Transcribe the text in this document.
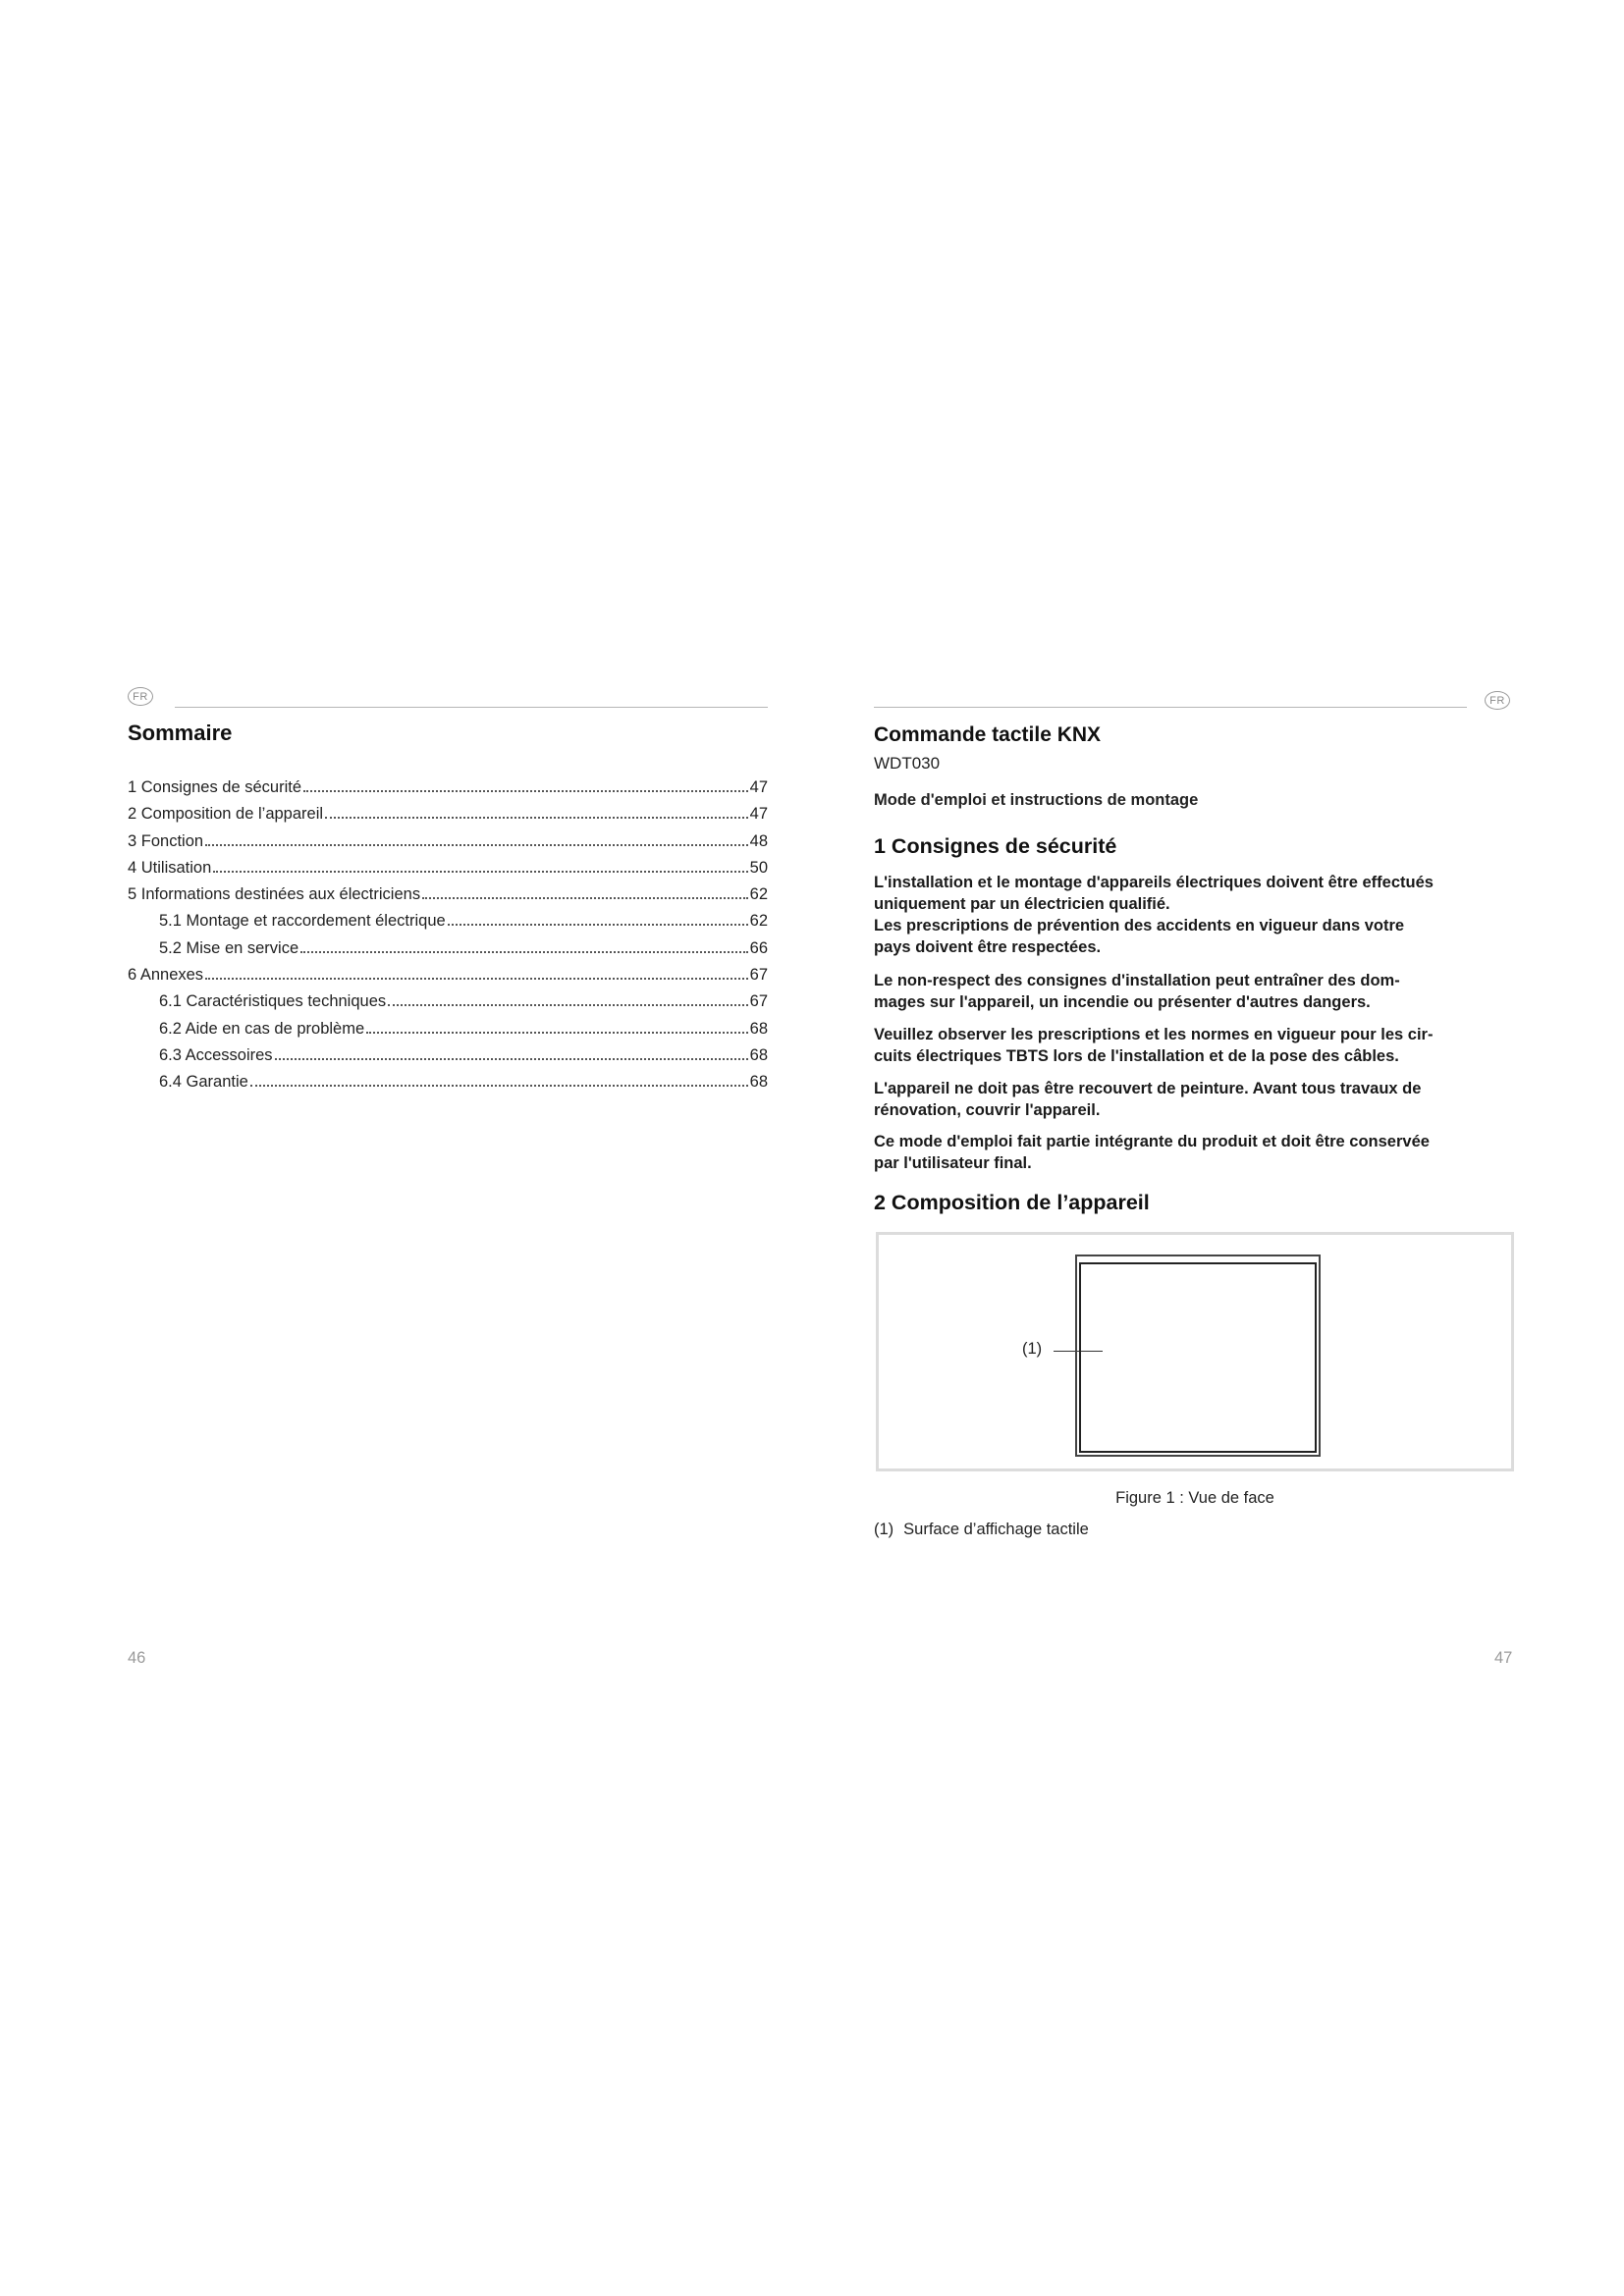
FR	FR
Sommaire
1 Consignes de sécurité	47
2 Composition de l’appareil	47
3 Fonction	48
4 Utilisation	50
5 Informations destinées aux électriciens	62
5.1 Montage et raccordement électrique	62
5.2 Mise en service	66
6 Annexes	67
6.1 Caractéristiques techniques	67
6.2 Aide en cas de problème	68
6.3 Accessoires	68
6.4 Garantie	68
Commande tactile KNX
WDT030
Mode d'emploi et instructions de montage
1 Consignes de sécurité

L'installation et le montage d'appareils électriques doivent être effectués
uniquement par un électricien qualifié.
Les prescriptions de prévention des accidents en vigueur dans votre
pays doivent être respectées.

Le non-respect des consignes d'installation peut entraîner des dom-
mages sur l'appareil, un incendie ou présenter d'autres dangers.

Veuillez observer les prescriptions et les normes en vigueur pour les cir-
cuits électriques TBTS lors de l'installation et de la pose des câbles.

L'appareil ne doit pas être recouvert de peinture. Avant tous travaux de
rénovation, couvrir l'appareil.

Ce mode d'emploi fait partie intégrante du produit et doit être conservée
par l'utilisateur final.

2 Composition de l’appareil
(1)
Figure 1 : Vue de face
(1) Surface d’affichage tactile
46	47
